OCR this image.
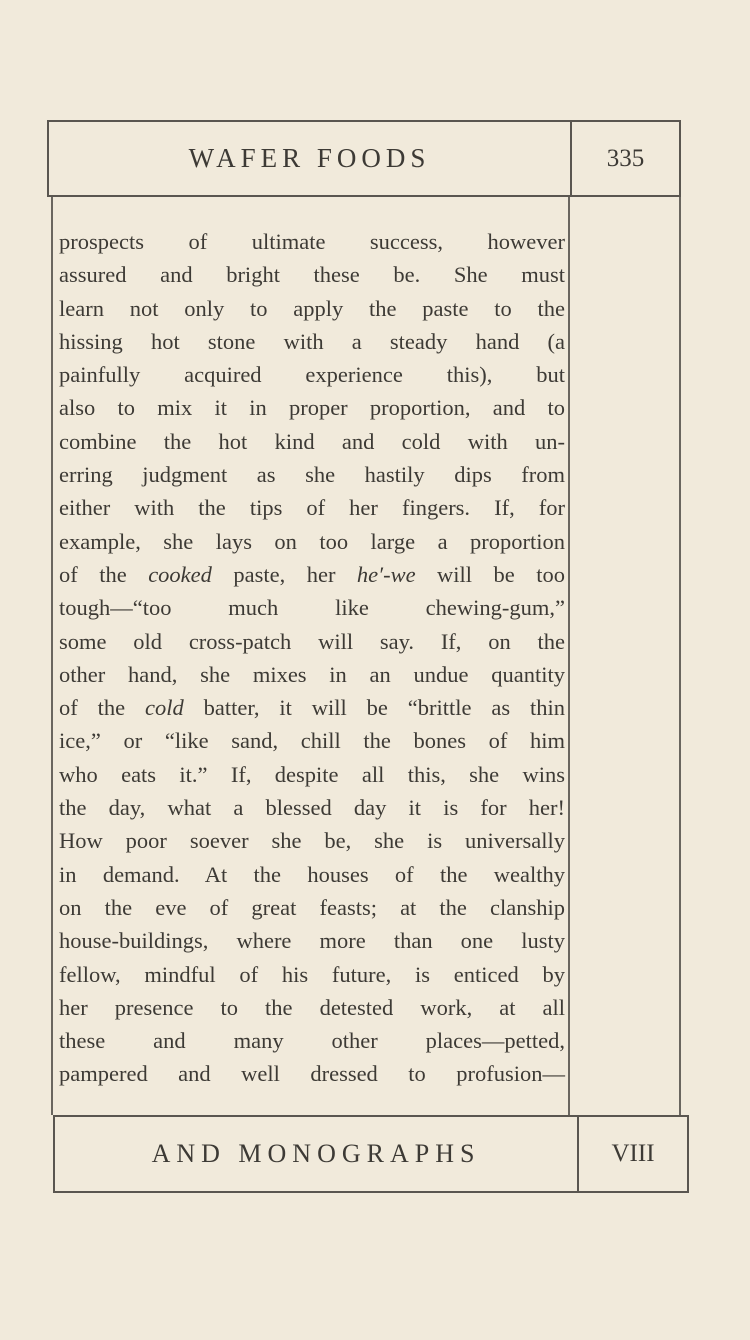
WAFER FOODS	335
prospects of ultimate success, however
assured and bright these be. She must
learn not only to apply the paste to the
hissing hot stone with a steady hand (a
painfully acquired experience this), but
also to mix it in proper proportion, and to
combine the hot kind and cold with un-
erring judgment as she hastily dips from
either with the tips of her fingers. If, for
example, she lays on too large a proportion
of the cooked paste, her he′-we will be too
tough—“too much like chewing-gum,”
some old cross-patch will say. If, on the
other hand, she mixes in an undue quantity
of the cold batter, it will be “brittle as thin
ice,” or “like sand, chill the bones of him
who eats it.” If, despite all this, she wins
the day, what a blessed day it is for her!
How poor soever she be, she is universally
in demand. At the houses of the wealthy
on the eve of great feasts; at the clanship
house-buildings, where more than one lusty
fellow, mindful of his future, is enticed by
her presence to the detested work, at all
these and many other places—petted,
pampered and well dressed to profusion—
AND MONOGRAPHS	VIII
